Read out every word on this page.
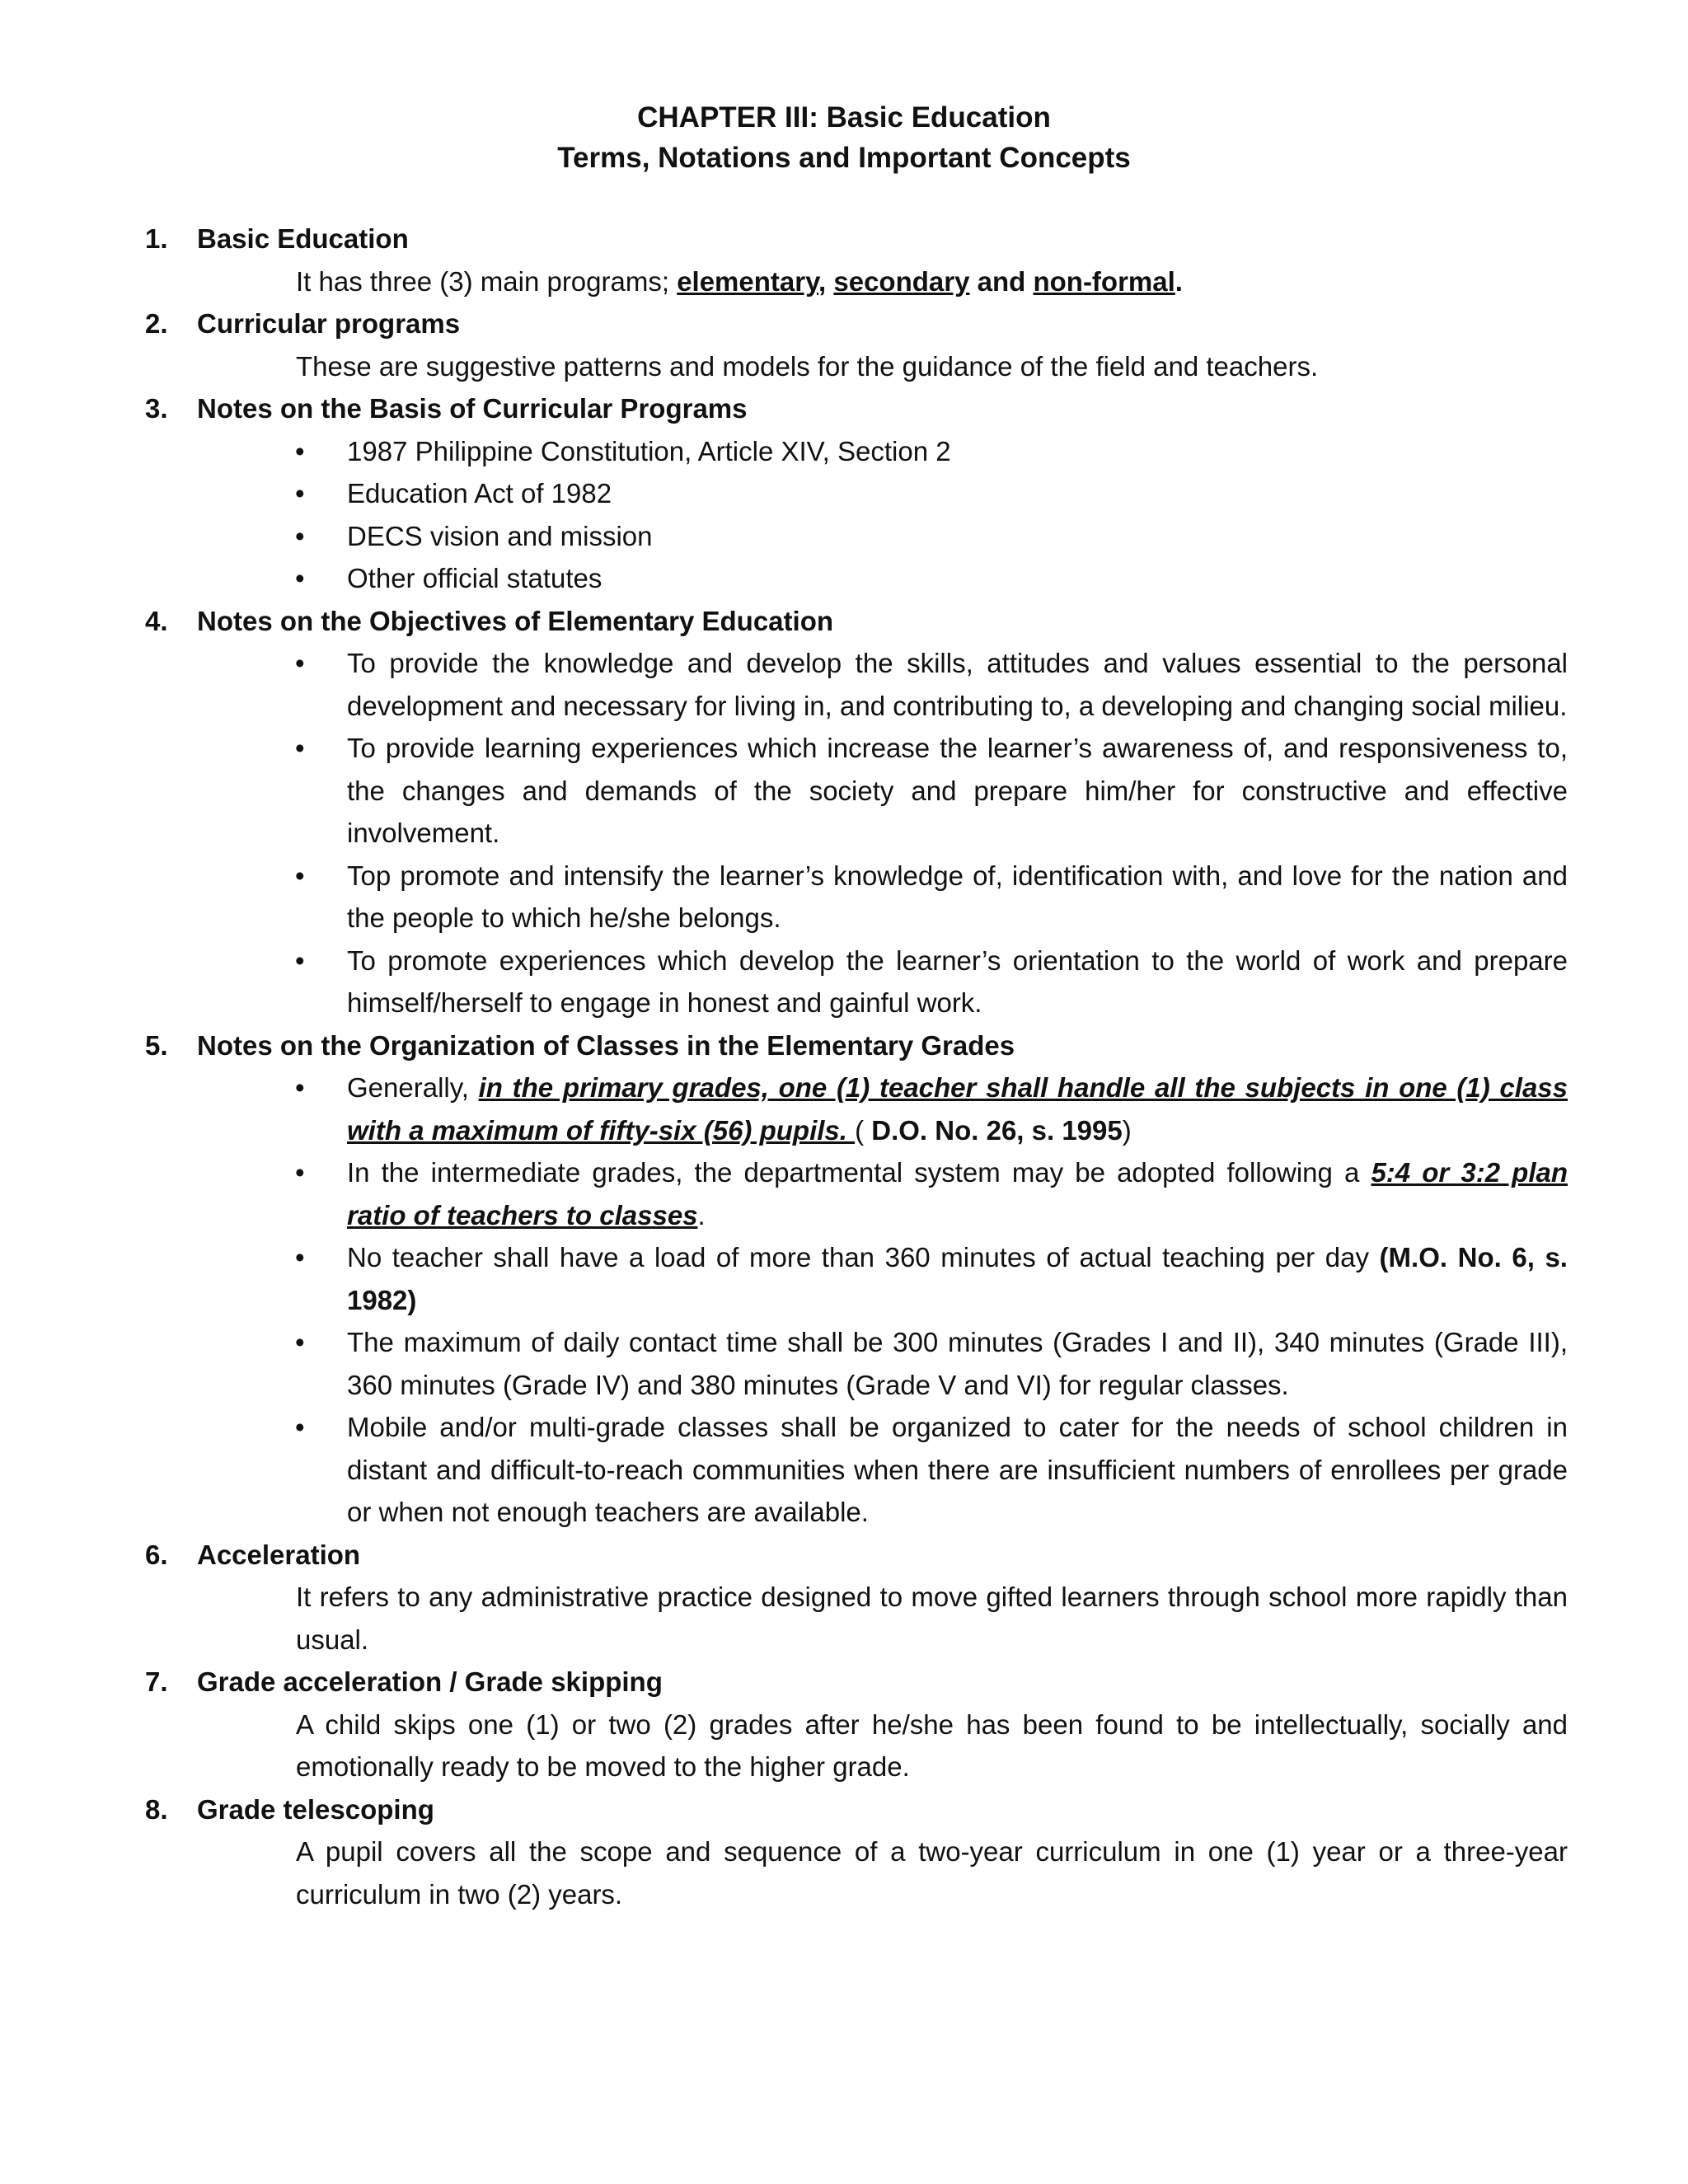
CHAPTER III: Basic Education
Terms, Notations and Important Concepts
1.	Basic Education
It has three (3) main programs; elementary, secondary and non-formal.
2.	Curricular programs
These are suggestive patterns and models for the guidance of the field and teachers.
3.	Notes on the Basis of Curricular Programs
•	1987 Philippine Constitution, Article XIV, Section 2
•	Education Act of 1982
•	DECS vision and mission
•	Other official statutes
4.	Notes on the Objectives of Elementary Education
•	To provide the knowledge and develop the skills, attitudes and values essential to the personal development and necessary for living in, and contributing to, a developing and changing social milieu.
•	To provide learning experiences which increase the learner’s awareness of, and responsiveness to, the changes and demands of the society and prepare him/her for constructive and effective involvement.
•	Top promote and intensify the learner’s knowledge of, identification with, and love for the nation and the people to which he/she belongs.
•	To promote experiences which develop the learner’s orientation to the world of work and prepare himself/herself to engage in honest and gainful work.
5.	Notes on the Organization of Classes in the Elementary Grades
•	Generally, in the primary grades, one (1) teacher shall handle all the subjects in one (1) class with a maximum of fifty-six (56) pupils. ( D.O. No. 26, s. 1995)
•	In the intermediate grades, the departmental system may be adopted following a 5:4 or 3:2 plan ratio of teachers to classes.
•	No teacher shall have a load of more than 360 minutes of actual teaching per day (M.O. No. 6, s. 1982)
•	The maximum of daily contact time shall be 300 minutes (Grades I and II), 340 minutes (Grade III), 360 minutes (Grade IV) and 380 minutes (Grade V and VI) for regular classes.
•	Mobile and/or multi-grade classes shall be organized to cater for the needs of school children in distant and difficult-to-reach communities when there are insufficient numbers of enrollees per grade or when not enough teachers are available.
6.	Acceleration
It refers to any administrative practice designed to move gifted learners through school more rapidly than usual.
7.	Grade acceleration / Grade skipping
A child skips one (1) or two (2) grades after he/she has been found to be intellectually, socially and emotionally ready to be moved to the higher grade.
8.	Grade telescoping
A pupil covers all the scope and sequence of a two-year curriculum in one (1) year or a three-year curriculum in two (2) years.
